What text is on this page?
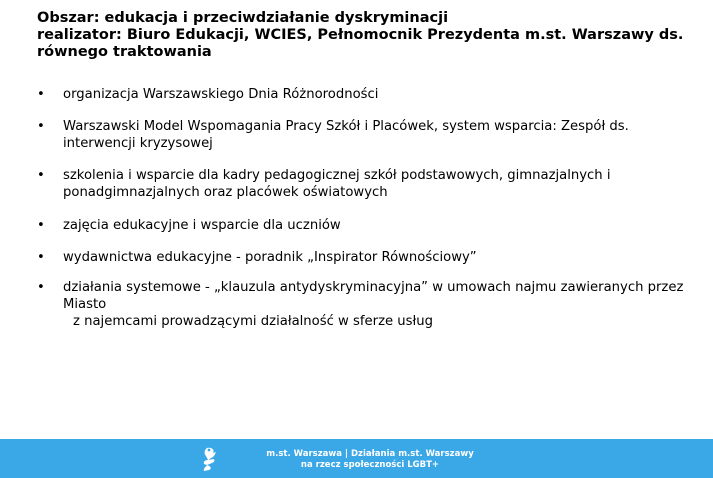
Obszar: edukacja i przeciwdziałanie dyskryminacji
realizator: Biuro Edukacji, WCIES, Pełnomocnik Prezydenta m.st. Warszawy ds. równego traktowania
• organizacja Warszawskiego Dnia Różnorodności
• Warszawski Model Wspomagania Pracy Szkół i Placówek, system wsparcia: Zespół ds. interwencji kryzysowej
• szkolenia i wsparcie dla kadry pedagogicznej szkół podstawowych, gimnazjalnych i ponadgimnazjalnych oraz placówek oświatowych
• zajęcia edukacyjne i wsparcie dla uczniów
• wydawnictwa edukacyjne - poradnik „Inspirator Równościowy”
• działania systemowe - „klauzula antydyskryminacyjna” w umowach najmu zawieranych przez Miasto
z najemcami prowadzącymi działalność w sferze usług
m.st. Warszawa | Działania m.st. Warszawy
na rzecz społeczności LGBT+
